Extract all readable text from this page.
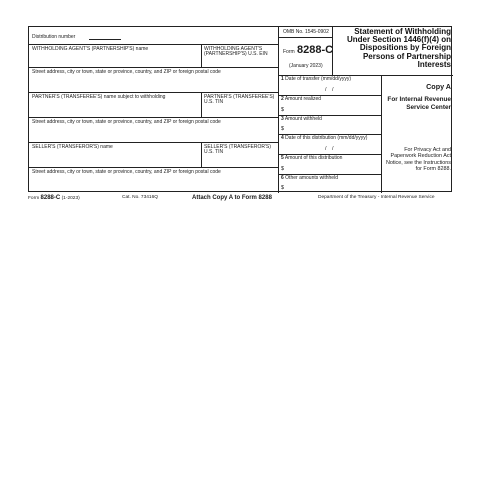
Distribution number
WITHHOLDING AGENT'S (PARTNERSHIP'S) name	WITHHOLDING AGENT'S (PARTNERSHIP'S) U.S. EIN
Street address, city or town, state or province, country, and ZIP or foreign postal code
PARTNER'S (TRANSFEREE'S) name subject to withholding	PARTNER'S (TRANSFEREE'S) U.S. TIN
Street address, city or town, state or province, country, and ZIP or foreign postal code
SELLER'S (TRANSFEROR'S) name	SELLER'S (TRANSFEROR'S) U.S. TIN
Street address, city or town, state or province, country, and ZIP or foreign postal code
OMB No. 1545-0902
Form 8288-C
(January 2023)
Statement of Withholding Under Section 1446(f)(4) on Dispositions by Foreign Persons of Partnership Interests
1 Date of transfer (mm/dd/yyyy)
/ /
2 Amount realized
$
3 Amount withheld
$
4 Date of this distribution (mm/dd/yyyy)
/ /
5 Amount of this distribution
$
6 Other amounts withheld
$
Copy A
For Internal Revenue Service Center
For Privacy Act and Paperwork Reduction Act Notice, see the Instructions for Form 8288.
Form 8288-C (1-2023)	Cat. No. 73416Q	Attach Copy A to Form 8288	Department of the Treasury - Internal Revenue Service
